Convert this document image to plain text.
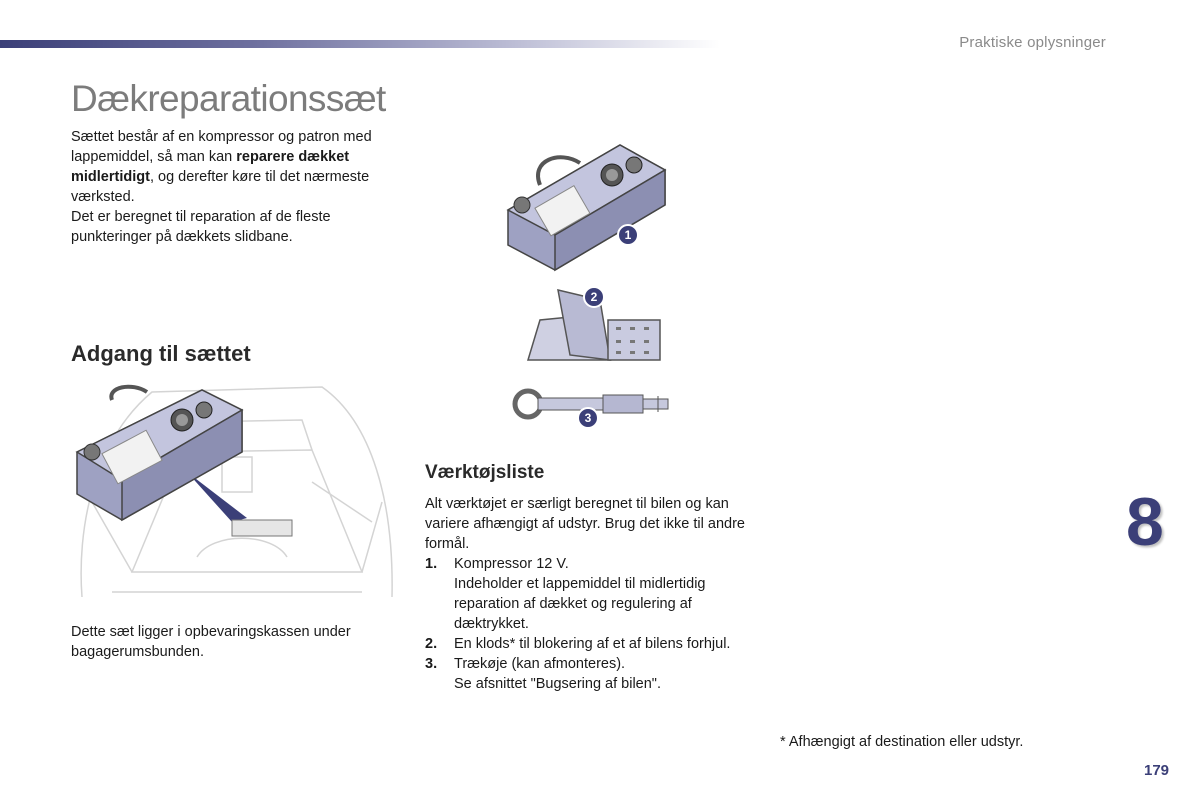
Praktiske oplysninger
Dækreparationssæt

Sættet består af en kompressor og patron med lappemiddel, så man kan reparere dækket midlertidigt, og derefter køre til det nærmeste værksted.
Det er beregnet til reparation af de fleste punkteringer på dækkets slidbane.	1
2
3
Adgang til sættet

Dette sæt ligger i opbevaringskassen under bagagerumsbunden.

Værktøjsliste

Alt værktøjet er særligt beregnet til bilen og kan variere afhængigt af udstyr. Brug det ikke til andre formål.

1. Kompressor 12 V.
Indeholder et lappemiddel til midlertidig reparation af dækket og regulering af dæktrykket.
2. En klods* til blokering af et af bilens forhjul.
3. Trækøje (kan afmonteres).
Se afsnittet "Bugsering af bilen".
* Afhængigt af destination eller udstyr.
8
179
